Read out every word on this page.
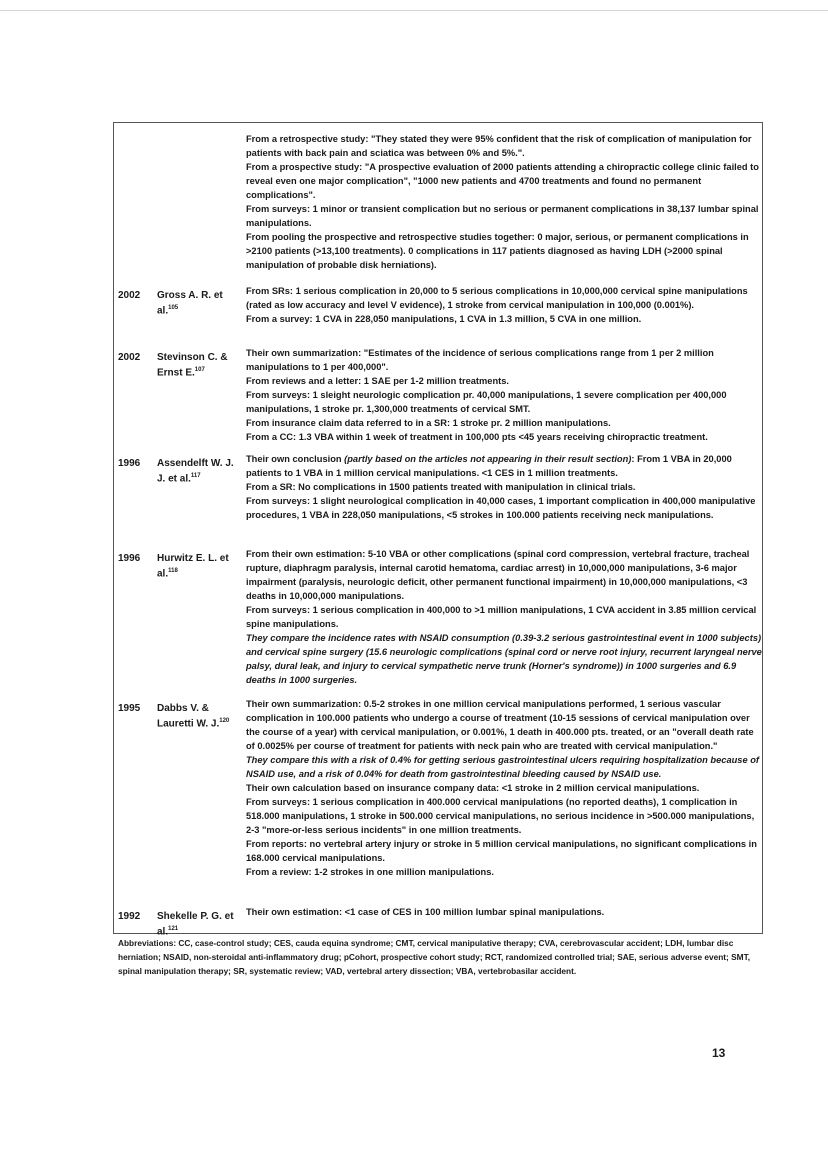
From a retrospective study: "They stated they were 95% confident that the risk of complication of manipulation for patients with back pain and sciatica was between 0% and 5%.".

From a prospective study: "A prospective evaluation of 2000 patients attending a chiropractic college clinic failed to reveal even one major complication", "1000 new patients and 4700 treatments and found no permanent complications".

From surveys: 1 minor or transient complication but no serious or permanent complications in 38,137 lumbar spinal manipulations.

From pooling the prospective and retrospective studies together: 0 major, serious, or permanent complications in >2100 patients (>13,100 treatments). 0 complications in 117 patients diagnosed as having LDH (>2000 spinal manipulation of probable disk herniations).

2002 Gross A. R. et al.$^{105}$

From SRs: 1 serious complication in 20,000 to 5 serious complications in 10,000,000 cervical spine manipulations (rated as low accuracy and level V evidence), 1 stroke from cervical manipulation in 100,000 (0.001%).

From a survey: 1 CVA in 228,050 manipulations, 1 CVA in 1.3 million, 5 CVA in one million.

2002 Stevinson C. & Ernst E.$^{107}$

Their own summarization: "Estimates of the incidence of serious complications range from 1 per 2 million manipulations to 1 per 400,000".

From reviews and a letter: 1 SAE per 1-2 million treatments.

From surveys: 1 sleight neurologic complication pr. 40,000 manipulations, 1 severe complication per 400,000 manipulations, 1 stroke pr. 1,300,000 treatments of cervical SMT.

From insurance claim data referred to in a SR: 1 stroke pr. 2 million manipulations.

From a CC: 1.3 VBA within 1 week of treatment in 100,000 pts <45 years receiving chiropractic treatment.

1996 Assendelft W. J. J. et al.$^{117}$

Their own conclusion (partly based on the articles not appearing in their result section): From 1 VBA in 20,000 patients to 1 VBA in 1 million cervical manipulations. <1 CES in 1 million treatments.

From a SR: No complications in 1500 patients treated with manipulation in clinical trials.

From surveys: 1 slight neurological complication in 40,000 cases, 1 important complication in 400,000 manipulative procedures, 1 VBA in 228,050 manipulations, <5 strokes in 100.000 patients receiving neck manipulations.

1996 Hurwitz E. L. et al.$^{118}$

From their own estimation: 5-10 VBA or other complications (spinal cord compression, vertebral fracture, tracheal rupture, diaphragm paralysis, internal carotid hematoma, cardiac arrest) in 10,000,000 manipulations, 3-6 major impairment (paralysis, neurologic deficit, other permanent functional impairment) in 10,000,000 manipulations, <3 deaths in 10,000,000 manipulations.

From surveys: 1 serious complication in 400,000 to >1 million manipulations, 1 CVA accident in 3.85 million cervical spine manipulations.

They compare the incidence rates with NSAID consumption (0.39-3.2 serious gastrointestinal event in 1000 subjects) and cervical spine surgery (15.6 neurologic complications (spinal cord or nerve root injury, recurrent laryngeal nerve palsy, dural leak, and injury to cervical sympathetic nerve trunk (Horner's syndrome)) in 1000 surgeries and 6.9 deaths in 1000 surgeries.

1995 Dabbs V. & Lauretti W. J.$^{120}$

Their own summarization: 0.5-2 strokes in one million cervical manipulations performed, 1 serious vascular complication in 100.000 patients who undergo a course of treatment (10-15 sessions of cervical manipulation over the course of a year) with cervical manipulation, or 0.001%, 1 death in 400.000 pts. treated, or an "overall death rate of 0.0025% per course of treatment for patients with neck pain who are treated with cervical manipulation."

They compare this with a risk of 0.4% for getting serious gastrointestinal ulcers requiring hospitalization because of NSAID use, and a risk of 0.04% for death from gastrointestinal bleeding caused by NSAID use.

Their own calculation based on insurance company data: <1 stroke in 2 million cervical manipulations.

From surveys: 1 serious complication in 400.000 cervical manipulations (no reported deaths), 1 complication in 518.000 manipulations, 1 stroke in 500.000 cervical manipulations, no serious incidence in >500.000 manipulations, 2-3 "more-or-less serious incidents" in one million treatments.

From reports: no vertebral artery injury or stroke in 5 million cervical manipulations, no significant complications in 168.000 cervical manipulations.

From a review: 1-2 strokes in one million manipulations.

1992 Shekelle P. G. et al.$^{121}$

Their own estimation: <1 case of CES in 100 million lumbar spinal manipulations.

Abbreviations: CC, case-control study; CES, cauda equina syndrome; CMT, cervical manipulative therapy; CVA, cerebrovascular accident; LDH, lumbar disc herniation; NSAID, non-steroidal anti-inflammatory drug; pCohort, prospective cohort study; RCT, randomized controlled trial; SAE, serious adverse event; SMT, spinal manipulation therapy; SR, systematic review; VAD, vertebral artery dissection; VBA, vertebrobasilar accident.
13
